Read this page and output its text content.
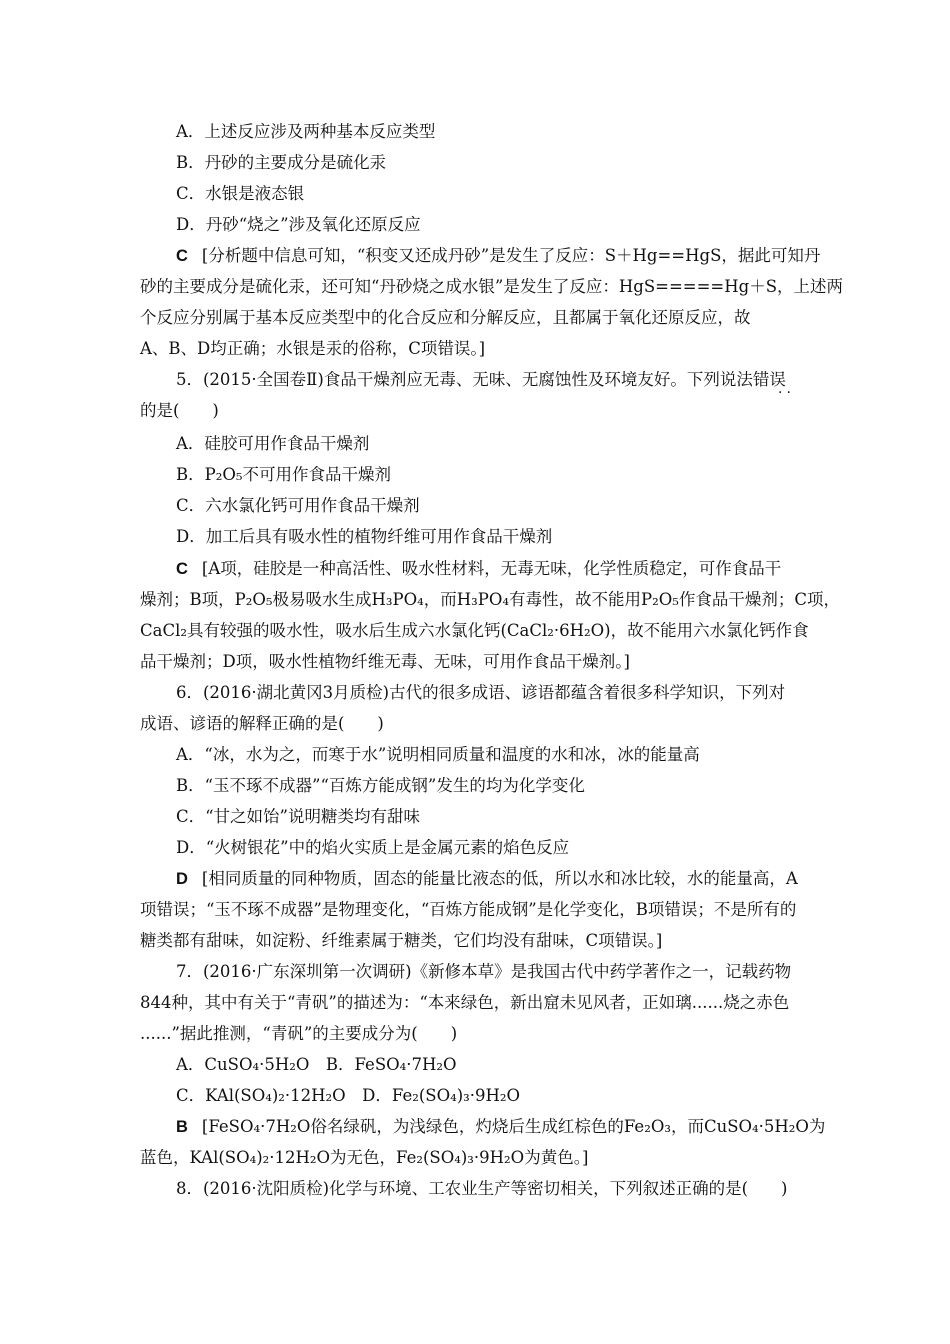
A．上述反应涉及两种基本反应类型
B．丹砂的主要成分是硫化汞
C．水银是液态银
D．丹砂“烧之”涉及氧化还原反应
C [分析题中信息可知，“积变又还成丹砂”是发生了反应：S＋Hg==HgS，据此可知丹
砂的主要成分是硫化汞，还可知“丹砂烧之成水银”是发生了反应：HgS=====Hg＋S，上述两
个反应分别属于基本反应类型中的化合反应和分解反应，且都属于氧化还原反应，故
A、B、D均正确；水银是汞的俗称，C项错误。]
5．(2015·全国卷Ⅱ)食品干燥剂应无毒、无味、无腐蚀性及环境友好。下列说法错误
··
的是(　　)
A．硅胶可用作食品干燥剂
B．P₂O₅不可用作食品干燥剂
C．六水氯化钙可用作食品干燥剂
D．加工后具有吸水性的植物纤维可用作食品干燥剂
C [A项，硅胶是一种高活性、吸水性材料，无毒无味，化学性质稳定，可作食品干
燥剂；B项，P₂O₅极易吸水生成H₃PO₄，而H₃PO₄有毒性，故不能用P₂O₅作食品干燥剂；C项，
CaCl₂具有较强的吸水性，吸水后生成六水氯化钙(CaCl₂·6H₂O)，故不能用六水氯化钙作食
品干燥剂；D项，吸水性植物纤维无毒、无味，可用作食品干燥剂。]
6．(2016·湖北黄冈3月质检)古代的很多成语、谚语都蕴含着很多科学知识，下列对
成语、谚语的解释正确的是(　　)
A．“冰，水为之，而寒于水”说明相同质量和温度的水和冰，冰的能量高
B．“玉不琢不成器”“百炼方能成钢”发生的均为化学变化
C．“甘之如饴”说明糖类均有甜味
D．“火树银花”中的焰火实质上是金属元素的焰色反应
D [相同质量的同种物质，固态的能量比液态的低，所以水和冰比较，水的能量高，A
项错误；“玉不琢不成器”是物理变化，“百炼方能成钢”是化学变化，B项错误；不是所有的
糖类都有甜味，如淀粉、纤维素属于糖类，它们均没有甜味，C项错误。]
7．(2016·广东深圳第一次调研)《新修本草》是我国古代中药学著作之一，记载药物
844种，其中有关于“青矾”的描述为：“本来绿色，新出窟未见风者，正如璃......烧之赤色
......”据此推测，“青矾”的主要成分为(　　)
A．CuSO₄·5H₂O　B．FeSO₄·7H₂O
C．KAl(SO₄)₂·12H₂O　D．Fe₂(SO₄)₃·9H₂O
B [FeSO₄·7H₂O俗名绿矾，为浅绿色，灼烧后生成红棕色的Fe₂O₃，而CuSO₄·5H₂O为
蓝色，KAl(SO₄)₂·12H₂O为无色，Fe₂(SO₄)₃·9H₂O为黄色。]
8．(2016·沈阳质检)化学与环境、工农业生产等密切相关，下列叙述正确的是(　　)
